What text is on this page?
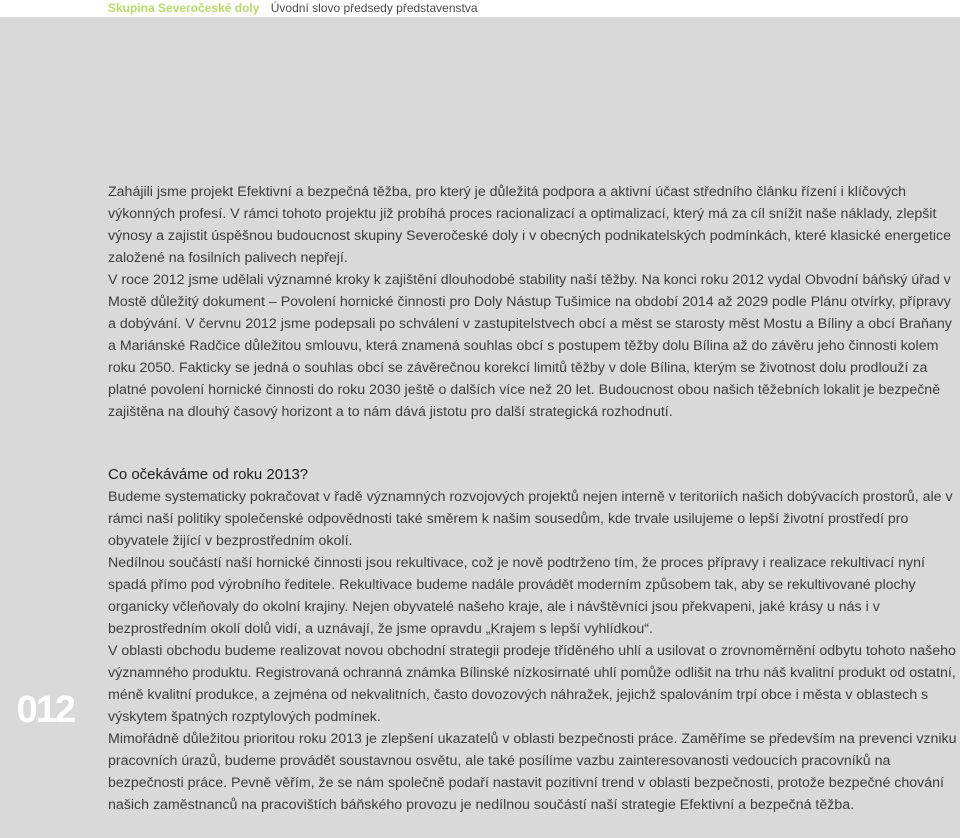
Skupina Severočeské doly Úvodní slovo předsedy představenstva

Zahájili jsme projekt Efektivní a bezpečná těžba, pro který je důležitá podpora a aktivní účast středního článku řízení i klíčových výkonných profesí. V rámci tohoto projektu již probíhá proces racionalizací a optimalizací, který má za cíl snížit naše náklady, zlepšit výnosy a zajistit úspěšnou budoucnost skupiny Severočeské doly i v obecných podnikatelských podmínkách, které klasické energetice založené na fosilních palivech nepřejí.

V roce 2012 jsme udělali významné kroky k zajištění dlouhodobé stability naší těžby. Na konci roku 2012 vydal Obvodní báňský úřad v Mostě důležitý dokument – Povolení hornické činnosti pro Doly Nástup Tušimice na období 2014 až 2029 podle Plánu otvírky, přípravy a dobývání. V červnu 2012 jsme podepsali po schválení v zastupitelstvech obcí a měst se starosty měst Mostu a Bíliny a obcí Braňany a Mariánské Radčice důležitou smlouvu, která znamená souhlas obcí s postupem těžby dolu Bílina až do závěru jeho činnosti kolem roku 2050. Fakticky se jedná o souhlas obcí se závěrečnou korekcí limitů těžby v dole Bílina, kterým se životnost dolu prodlouží za platné povolení hornické činnosti do roku 2030 ještě o dalších více než 20 let. Budoucnost obou našich těžebních lokalit je bezpečně zajištěna na dlouhý časový horizont a to nám dává jistotu pro další strategická rozhodnutí.

Co očekáváme od roku 2013?

Budeme systematicky pokračovat v řadě významných rozvojových projektů nejen interně v teritoriích našich dobývacích prostorů, ale v rámci naší politiky společenské odpovědnosti také směrem k našim sousedům, kde trvale usilujeme o lepší životní prostředí pro obyvatele žijící v bezprostředním okolí.

Nedílnou součástí naší hornické činnosti jsou rekultivace, což je nově podtrženo tím, že proces přípravy i realizace rekultivací nyní spadá přímo pod výrobního ředitele. Rekultivace budeme nadále provádět moderním způsobem tak, aby se rekultivované plochy organicky včleňovaly do okolní krajiny. Nejen obyvatelé našeho kraje, ale i návštěvníci jsou překvapeni, jaké krásy u nás i v bezprostředním okolí dolů vidí, a uznávají, že jsme opravdu „Krajem s lepší vyhlídkou“.

V oblasti obchodu budeme realizovat novou obchodní strategii prodeje tříděného uhlí a usilovat o zrovnoměrnění odbytu tohoto našeho významného produktu. Registrovaná ochranná známka Bílinské nízkosirnaté uhlí pomůže odlišit na trhu náš kvalitní produkt od ostatní, méně kvalitní produkce, a zejména od nekvalitních, často dovozových náhražek, jejichž spalováním trpí obce i města v oblastech s výskytem špatných rozptylových podmínek.

Mimořádně důležitou prioritou roku 2013 je zlepšení ukazatelů v oblasti bezpečnosti práce. Zaměříme se především na prevenci vzniku pracovních úrazů, budeme provádět soustavnou osvětu, ale také posílíme vazbu zainteresovanosti vedoucích pracovníků na bezpečnosti práce. Pevně věřím, že se nám společně podaří nastavit pozitivní trend v oblasti bezpečnosti, protože bezpečné chování našich zaměstnanců na pracovištích báňského provozu je nedílnou součástí naší strategie Efektivní a bezpečná těžba.

012
